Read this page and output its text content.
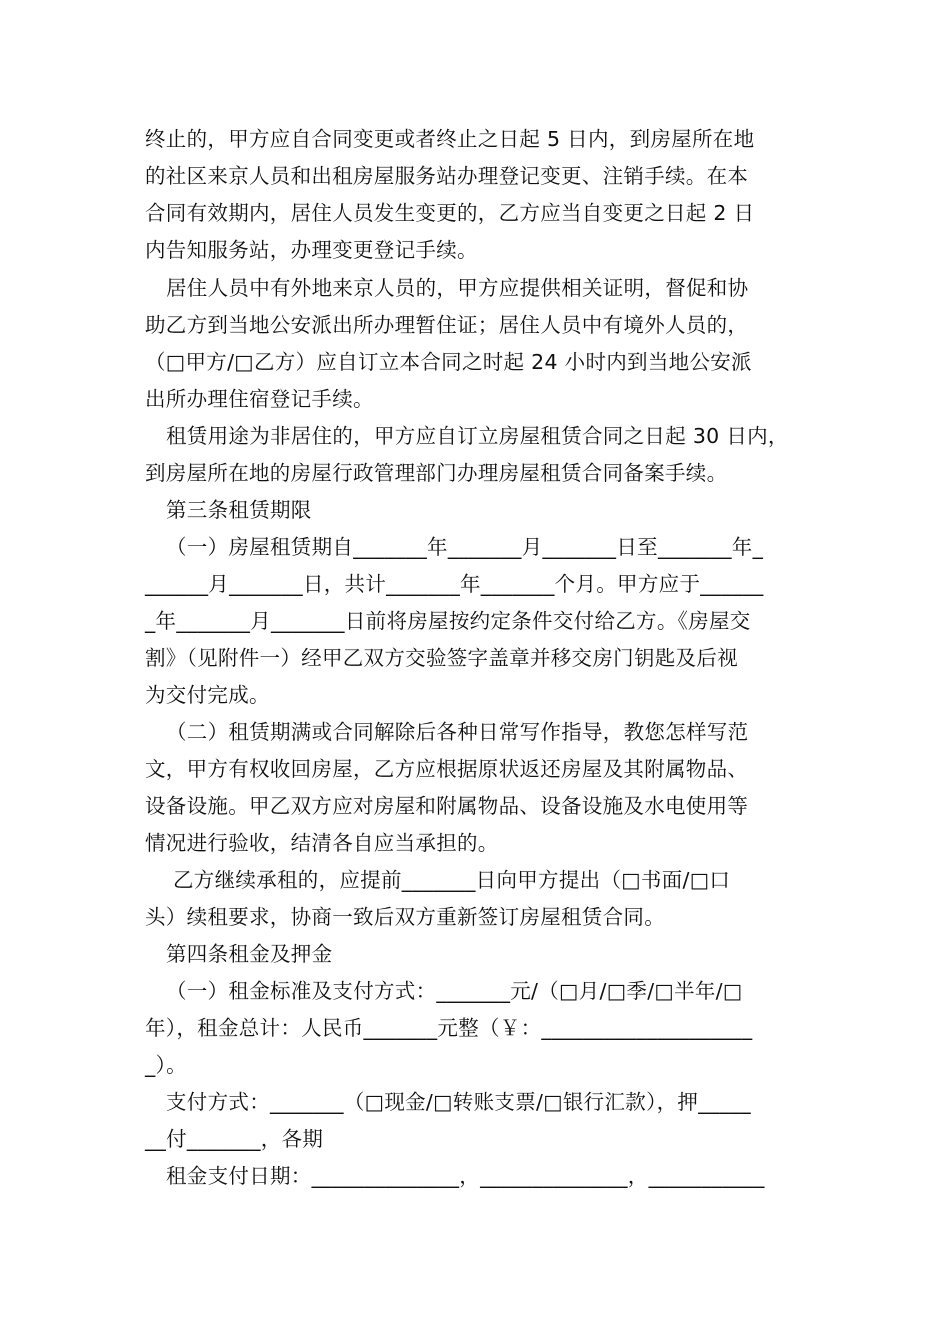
终止的，甲方应自合同变更或者终止之日起 5 日内，到房屋所在地
的社区来京人员和出租房屋服务站办理登记变更、注销手续。在本
合同有效期内，居住人员发生变更的，乙方应当自变更之日起 2 日
内告知服务站，办理变更登记手续。
居住人员中有外地来京人员的，甲方应提供相关证明，督促和协
助乙方到当地公安派出所办理暂住证；居住人员中有境外人员的，
（□甲方/□乙方）应自订立本合同之时起 24 小时内到当地公安派
出所办理住宿登记手续。
租赁用途为非居住的，甲方应自订立房屋租赁合同之日起 30 日内，
到房屋所在地的房屋行政管理部门办理房屋租赁合同备案手续。
第三条租赁期限
（一）房屋租赁期自_______年_______月_______日至_______年_
______月_______日，共计_______年_______个月。甲方应于______
_年_______月_______日前将房屋按约定条件交付给乙方。《房屋交
割》（见附件一）经甲乙双方交验签字盖章并移交房门钥匙及后视
为交付完成。
（二）租赁期满或合同解除后各种日常写作指导，教您怎样写范
文，甲方有权收回房屋，乙方应根据原状返还房屋及其附属物品、
设备设施。甲乙双方应对房屋和附属物品、设备设施及水电使用等
情况进行验收，结清各自应当承担的。
乙方继续承租的，应提前_______日向甲方提出（□书面/□口
头）续租要求，协商一致后双方重新签订房屋租赁合同。
第四条租金及押金
（一）租金标准及支付方式：_______元/（□月/□季/□半年/□
年），租金总计：人民币_______元整（￥：____________________
_）。
支付方式：_______（□现金/□转账支票/□银行汇款），押_____
__付_______，各期
租金支付日期：______________，______________，___________
